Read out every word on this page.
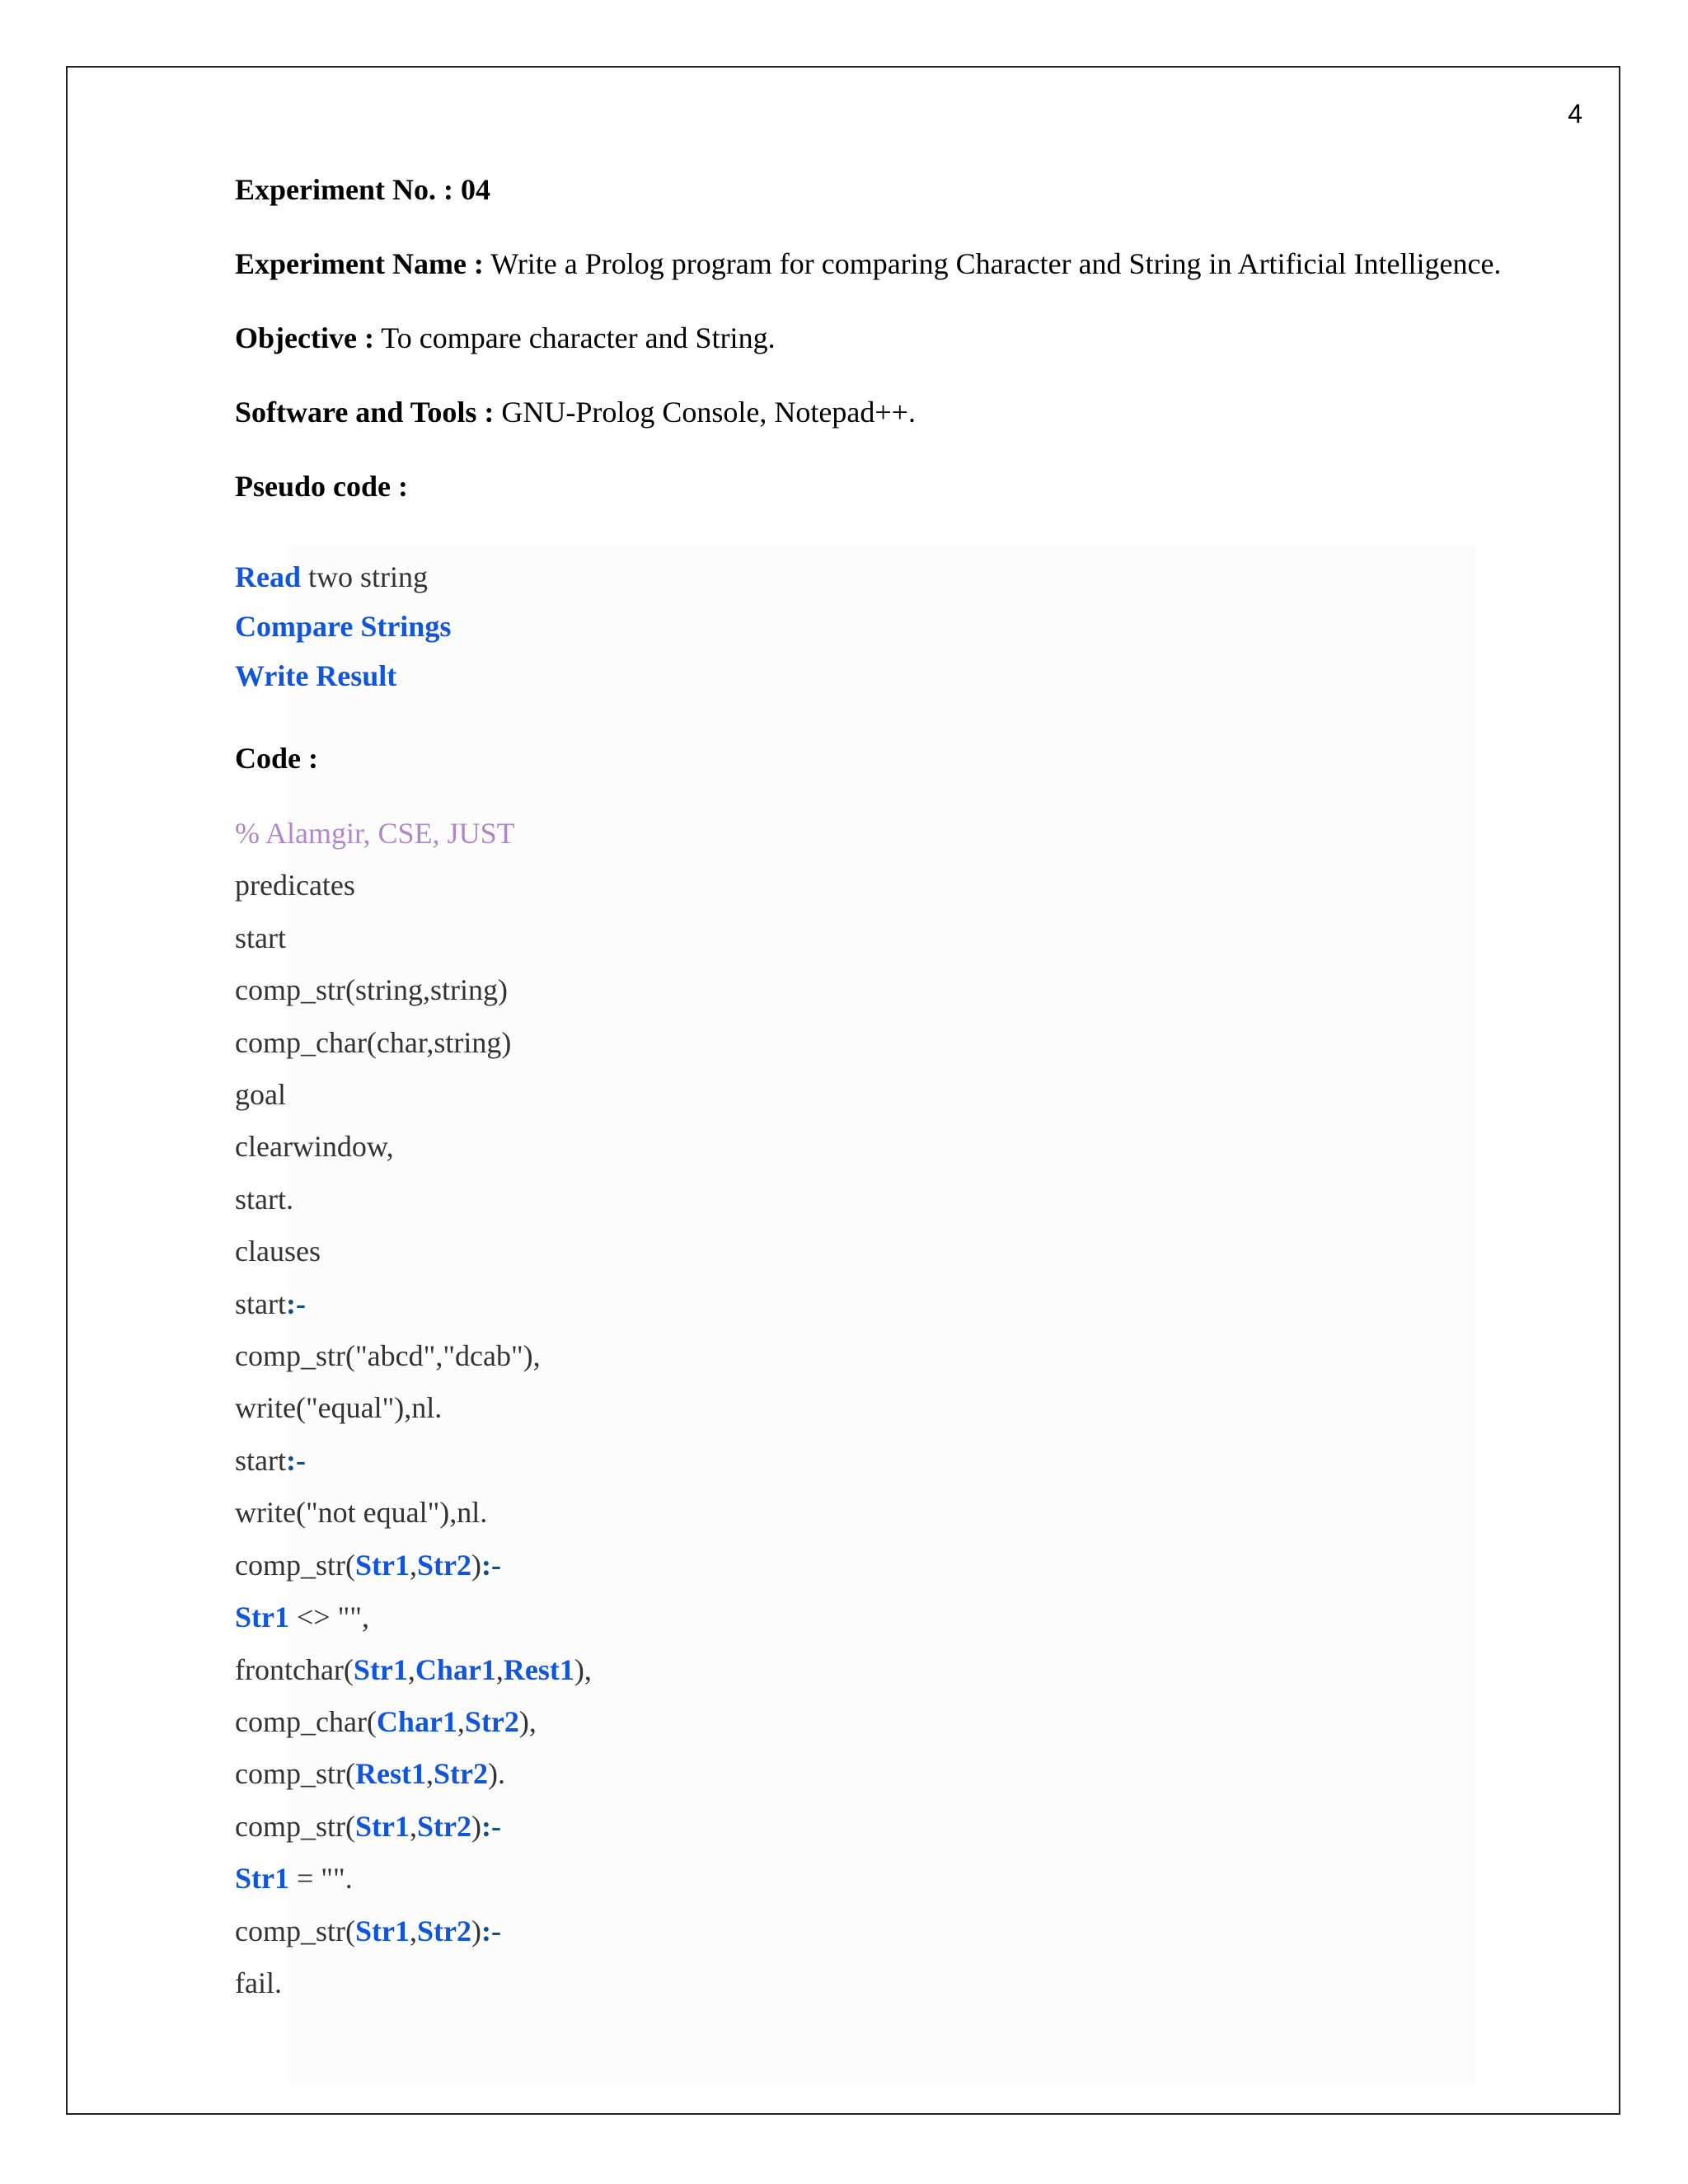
4
Experiment No. : 04
Experiment Name : Write a Prolog program for comparing Character and String in Artificial Intelligence.
Objective : To compare character and String.
Software and Tools : GNU-Prolog Console, Notepad++.
Pseudo code :
Read two string
Compare Strings
Write Result
Code :
% Alamgir, CSE, JUST
predicates
start
comp_str(string,string)
comp_char(char,string)
goal
clearwindow,
start.
clauses
start:-
comp_str("abcd","dcab"),
write("equal"),nl.
start:-
write("not equal"),nl.
comp_str(Str1,Str2):-
Str1 <> "",
frontchar(Str1,Char1,Rest1),
comp_char(Char1,Str2),
comp_str(Rest1,Str2).
comp_str(Str1,Str2):-
Str1 = "".
comp_str(Str1,Str2):-
fail.
